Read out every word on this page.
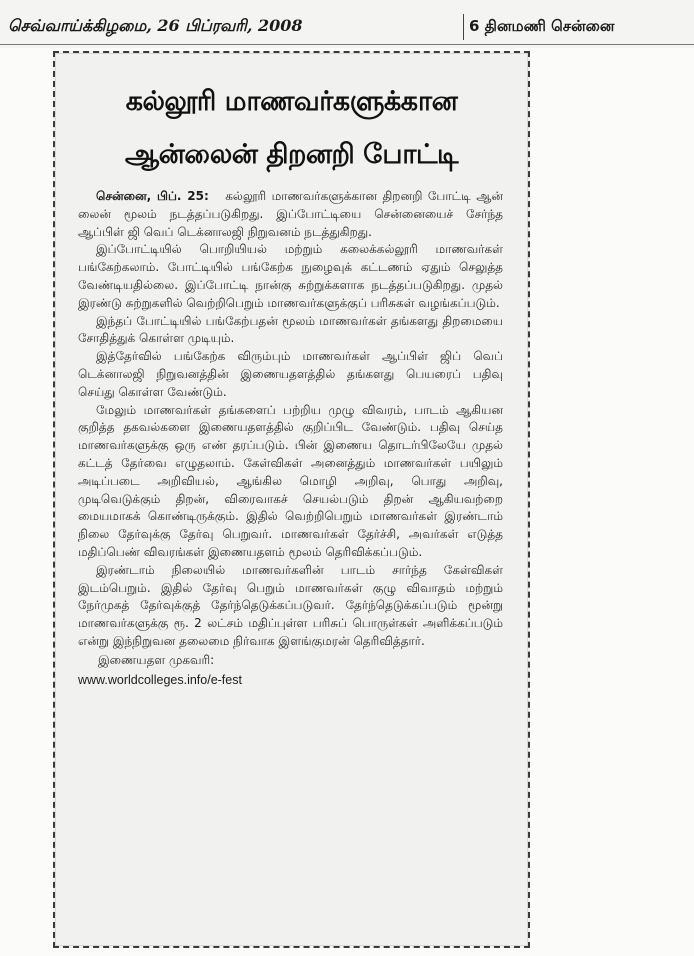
செவ்வாய்க்கிழமை, 26 பிப்ரவரி, 2008	6 தினமணி சென்னை
கல்லூரி மாணவர்களுக்கான
ஆன்லைன் திறனறி போட்டி

சென்னை, பிப். 25: கல்லூரி மாணவர்களுக்கான திறனறி போட்டி ஆன் லைன் மூலம் நடத்தப்படுகிறது. இப்போட்டியை சென்னையைச் சேர்ந்த ஆப்பிள் ஜி வெப் டெக்னாலஜி நிறுவனம் நடத்துகிறது.

இப்போட்டியில் பொறியியல் மற்றும் கலைக்கல்லூரி மாணவர்கள் பங்கேற்கலாம். போட்டியில் பங்கேற்க நுழைவுக் கட்டணம் ஏதும் செலுத்த வேண்டியதில்லை. இப்போட்டி நான்கு சுற்றுக்களாக நடத்தப்படுகிறது. முதல் இரண்டு சுற்றுகளில் வெற்றிபெறும் மாணவர்களுக்குப் பரிசுகள் வழங்கப்படும்.

இந்தப் போட்டியில் பங்கேற்பதன் மூலம் மாணவர்கள் தங்களது திறமையை சோதித்துக் கொள்ள முடியும்.

இத்தேர்வில் பங்கேற்க விரும்பும் மாணவர்கள் ஆப்பிள் ஜிப் வெப் டெக்னாலஜி நிறுவனத்தின் இணையதளத்தில் தங்களது பெயரைப் பதிவு செய்து கொள்ள வேண்டும்.

மேலும் மாணவர்கள் தங்களைப் பற்றிய முழு விவரம், பாடம் ஆகியன குறித்த தகவல்களை இணையதளத்தில் குறிப்பிட வேண்டும். பதிவு செய்த மாணவர்களுக்கு ஒரு எண் தரப்படும். பின் இணைய தொடர்பிலேயே முதல் கட்டத் தேர்வை எழுதலாம். கேள்விகள் அனைத்தும் மாணவர்கள் பயிலும் அடிப்படை அறிவியல், ஆங்கில மொழி அறிவு, பொது அறிவு, முடிவெடுக்கும் திறன், விரைவாகச் செயல்படும் திறன் ஆகியவற்றை மையமாகக் கொண்டிருக்கும். இதில் வெற்றிபெறும் மாணவர்கள் இரண்டாம் நிலை தேர்வுக்கு தேர்வு பெறுவர். மாணவர்கள் தேர்ச்சி, அவர்கள் எடுத்த மதிப்பெண் விவரங்கள் இணையதளம் மூலம் தெரிவிக்கப்படும்.

இரண்டாம் நிலையில் மாணவர்களின் பாடம் சார்ந்த கேள்விகள் இடம்பெறும். இதில் தேர்வு பெறும் மாணவர்கள் குழு விவாதம் மற்றும் நேர்முகத் தேர்வுக்குத் தேர்ந்தெடுக்கப்படுவர். தேர்ந்தெடுக்கப்படும் மூன்று மாணவர்களுக்கு ரூ. 2 லட்சம் மதிப்புள்ள பரிசுப் பொருள்கள் அளிக்கப்படும் என்று இந்நிறுவன தலைமை நிர்வாக இளங்குமரன் தெரிவித்தார்.

இணையதள முகவரி:
www.worldcolleges.info/e-fest
